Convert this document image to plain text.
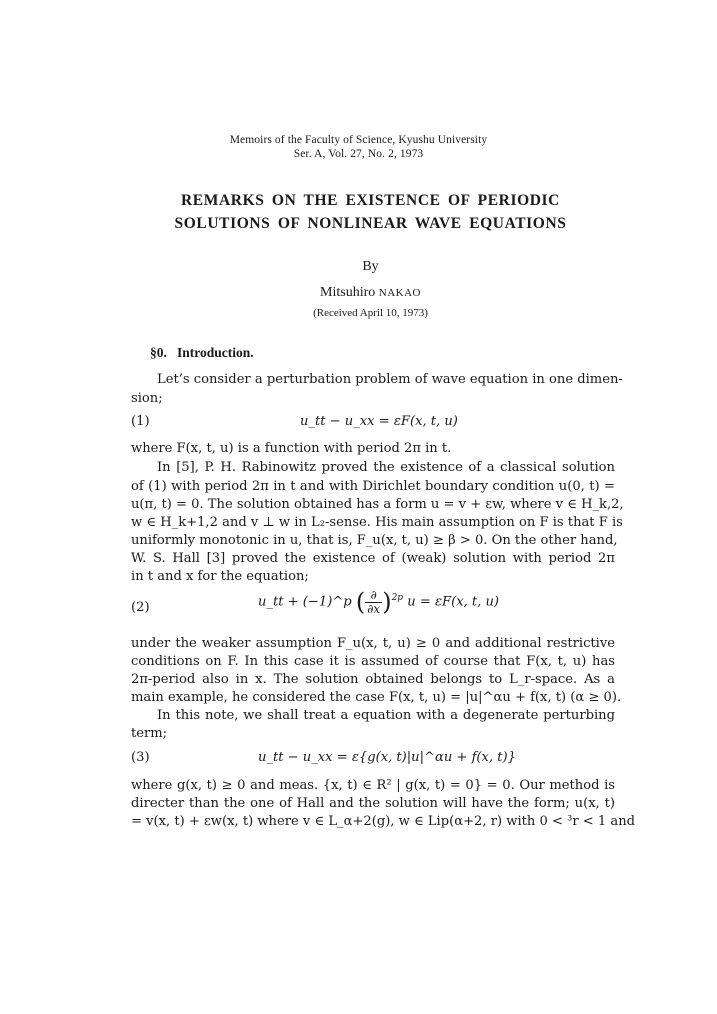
Memoirs of the Faculty of Science, Kyushu University
Ser. A, Vol. 27, No. 2, 1973
REMARKS ON THE EXISTENCE OF PERIODIC
SOLUTIONS OF NONLINEAR WAVE EQUATIONS
By
Mitsuhiro NAKAO
(Received April 10, 1973)
§0. Introduction.
Let’s consider a perturbation problem of wave equation in one dimen-
sion;
(1)	u_tt − u_xx = εF(x, t, u)
where F(x, t, u) is a function with period 2π in t.
In [5], P. H. Rabinowitz proved the existence of a classical solution
of (1) with period 2π in t and with Dirichlet boundary condition u(0, t) =
u(π, t) = 0. The solution obtained has a form u = v + εw, where v ∈ H_k,2,
w ∈ H_k+1,2 and v ⊥ w in L₂-sense. His main assumption on F is that F is
uniformly monotonic in u, that is, F_u(x, t, u) ≥ β > 0. On the other hand,
W. S. Hall [3] proved the existence of (weak) solution with period 2π
in t and x for the equation;
(2)	u_tt + (−1)^p ( $\frac{\partial}{\partial x} )^{2p}$ u = εF(x, t, u)
under the weaker assumption F_u(x, t, u) ≥ 0 and additional restrictive
conditions on F. In this case it is assumed of course that F(x, t, u) has
2π-period also in x. The solution obtained belongs to L_r-space. As a
main example, he considered the case F(x, t, u) = |u|^αu + f(x, t) (α ≥ 0).
In this note, we shall treat a equation with a degenerate perturbing
term;
(3)	u_tt − u_xx = ε{g(x, t)|u|^αu + f(x, t)}
where g(x, t) ≥ 0 and meas. {x, t) ∈ R² | g(x, t) = 0} = 0. Our method is
directer than the one of Hall and the solution will have the form; u(x, t)
= v(x, t) + εw(x, t) where v ∈ L_α+2(g), w ∈ Lip(α+2, r) with 0 < ³r < 1 and
